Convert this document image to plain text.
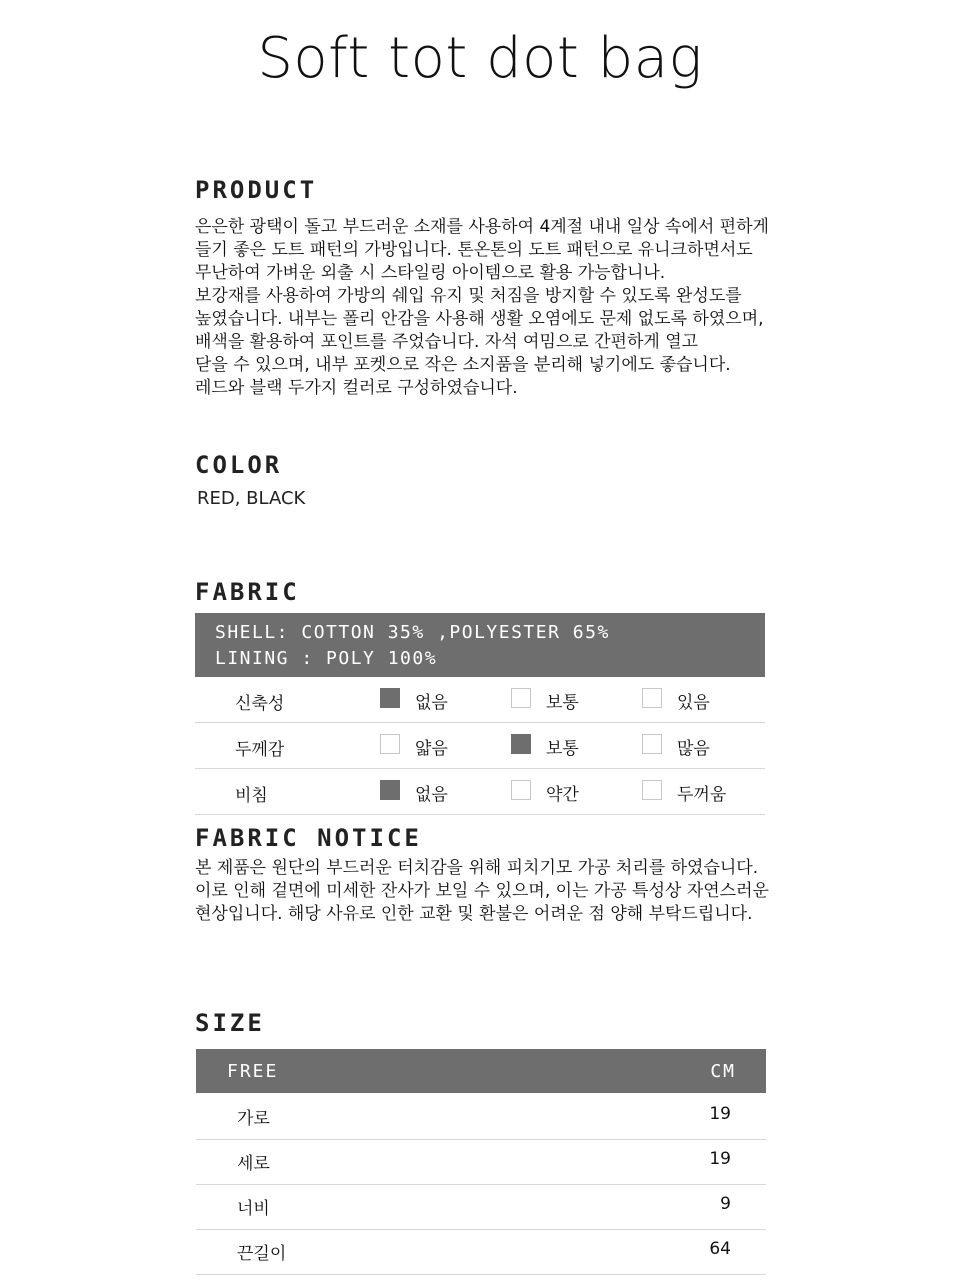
Soft tot dot bag
PRODUCT
은은한 광택이 돌고 부드러운 소재를 사용하여 4계절 내내 일상 속에서 편하게
들기 좋은 도트 패턴의 가방입니다. 톤온톤의 도트 패턴으로 유니크하면서도
무난하여 가벼운 외출 시 스타일링 아이템으로 활용 가능합니나.
보강재를 사용하여 가방의 쉐입 유지 및 처짐을 방지할 수 있도록 완성도를
높였습니다. 내부는 폴리 안감을 사용해 생활 오염에도 문제 없도록 하였으며,
배색을 활용하여 포인트를 주었습니다. 자석 여밈으로 간편하게 열고
닫을 수 있으며, 내부 포켓으로 작은 소지품을 분리해 넣기에도 좋습니다.
레드와 블랙 두가지 컬러로 구성하였습니다.
COLOR
RED, BLACK
FABRIC
SHELL: COTTON 35% ,POLYESTER 65%
LINING : POLY 100%
신축성	없음	보통	있음
두께감	얇음	보통	많음
비침	없음	약간	두꺼움
FABRIC NOTICE
본 제품은 원단의 부드러운 터치감을 위해 피치기모 가공 처리를 하였습니다.
이로 인해 겉면에 미세한 잔사가 보일 수 있으며, 이는 가공 특성상 자연스러운
현상입니다. 해당 사유로 인한 교환 및 환불은 어려운 점 양해 부탁드립니다.
SIZE
FREE	CM
가로	19
세로	19
너비	9
끈길이	64
